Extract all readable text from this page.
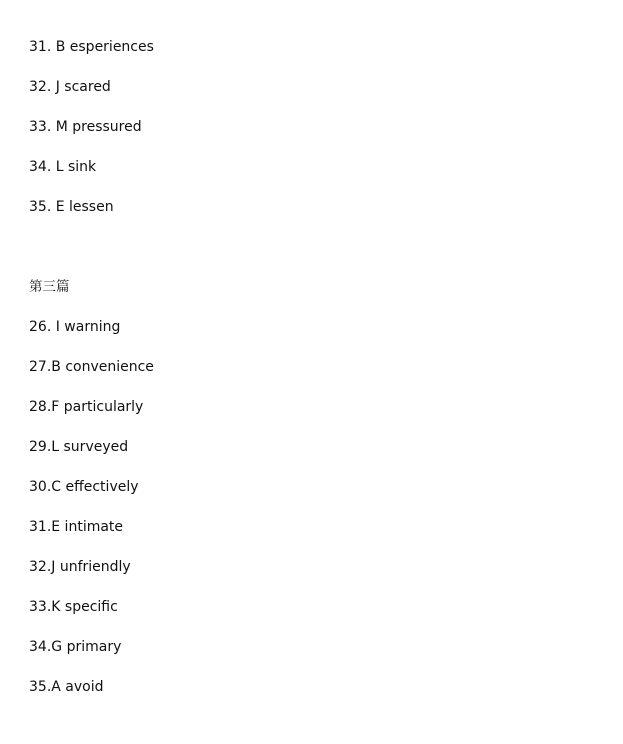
31. B esperiences
32. J scared
33. M pressured
34. L sink
35. E lessen
第三篇
26. I warning
27.B convenience
28.F particularly
29.L surveyed
30.C effectively
31.E intimate
32.J unfriendly
33.K specific
34.G primary
35.A avoid
